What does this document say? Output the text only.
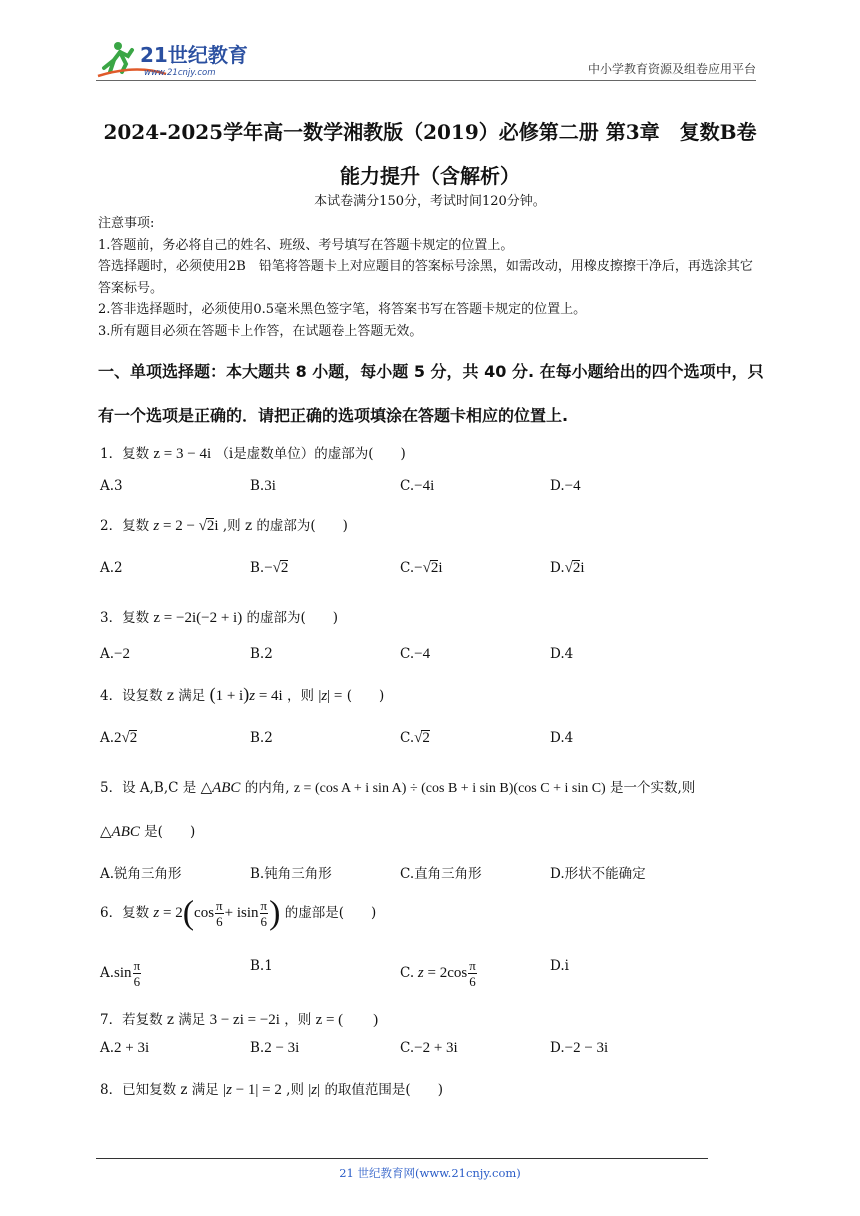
21世纪教育
www.21cnjy.com	中小学教育资源及组卷应用平台
2024-2025学年高一数学湘教版（2019）必修第二册 第3章　复数B卷 能力提升（含解析）
本试卷满分150分，考试时间120分钟。
注意事项:
1.答题前，务必将自己的姓名、班级、考号填写在答题卡规定的位置上。
答选择题时，必须使用2B　铅笔将答题卡上对应题目的答案标号涂黑，如需改动，用橡皮擦擦干净后，再选涂其它答案标号。
2.答非选择题时，必须使用0.5毫米黑色签字笔，将答案书写在答题卡规定的位置上。
3.所有题目必须在答题卡上作答，在试题卷上答题无效。
一、单项选择题：本大题共 8 小题，每小题 5 分，共 40 分. 在每小题给出的四个选项中，只有一个选项是正确的．请把正确的选项填涂在答题卡相应的位置上.
1．复数 z = 3 − 4i （i是虚数单位）的虚部为(　　)
A.3	B.3i	C.−4i	D.−4
2．复数 z = 2 − √2i ,则 z 的虚部为(　　)
A.2	B.−√2	C.−√2i	D.√2i
3．复数 z = −2i(−2 + i) 的虚部为(　　)
A.−2	B.2	C.−4	D.4
4．设复数 z 满足 (1 + i)z = 4i ，则 |z| = (　　)
A.2√2	B.2	C.√2	D.4
5．设 A,B,C 是 △ABC 的内角, z = (cos A + i sin A) ÷ (cos B + i sin B)(cos C + i sin C) 是一个实数,则
△ABC 是(　　)
A.锐角三角形	B.钝角三角形	C.直角三角形	D.形状不能确定
6．复数 $z = 2(\cos \frac{\pi}{6} + isin \frac{\pi}{6}$ ) 的虚部是(　　)
$A.\sin \frac{\pi}{6}$	B.1	C. $z = 2\cos \frac{\pi}{6}$	D.i
7．若复数 z 满足 3 − zi = −2i ，则 z = (　　)
A.2 + 3i	B.2 − 3i	C.−2 + 3i	D.−2 − 3i
8．已知复数 z 满足 |z − 1| = 2 ,则 |z| 的取值范围是(　　)
21 世纪教育网(www.21cnjy.com)
